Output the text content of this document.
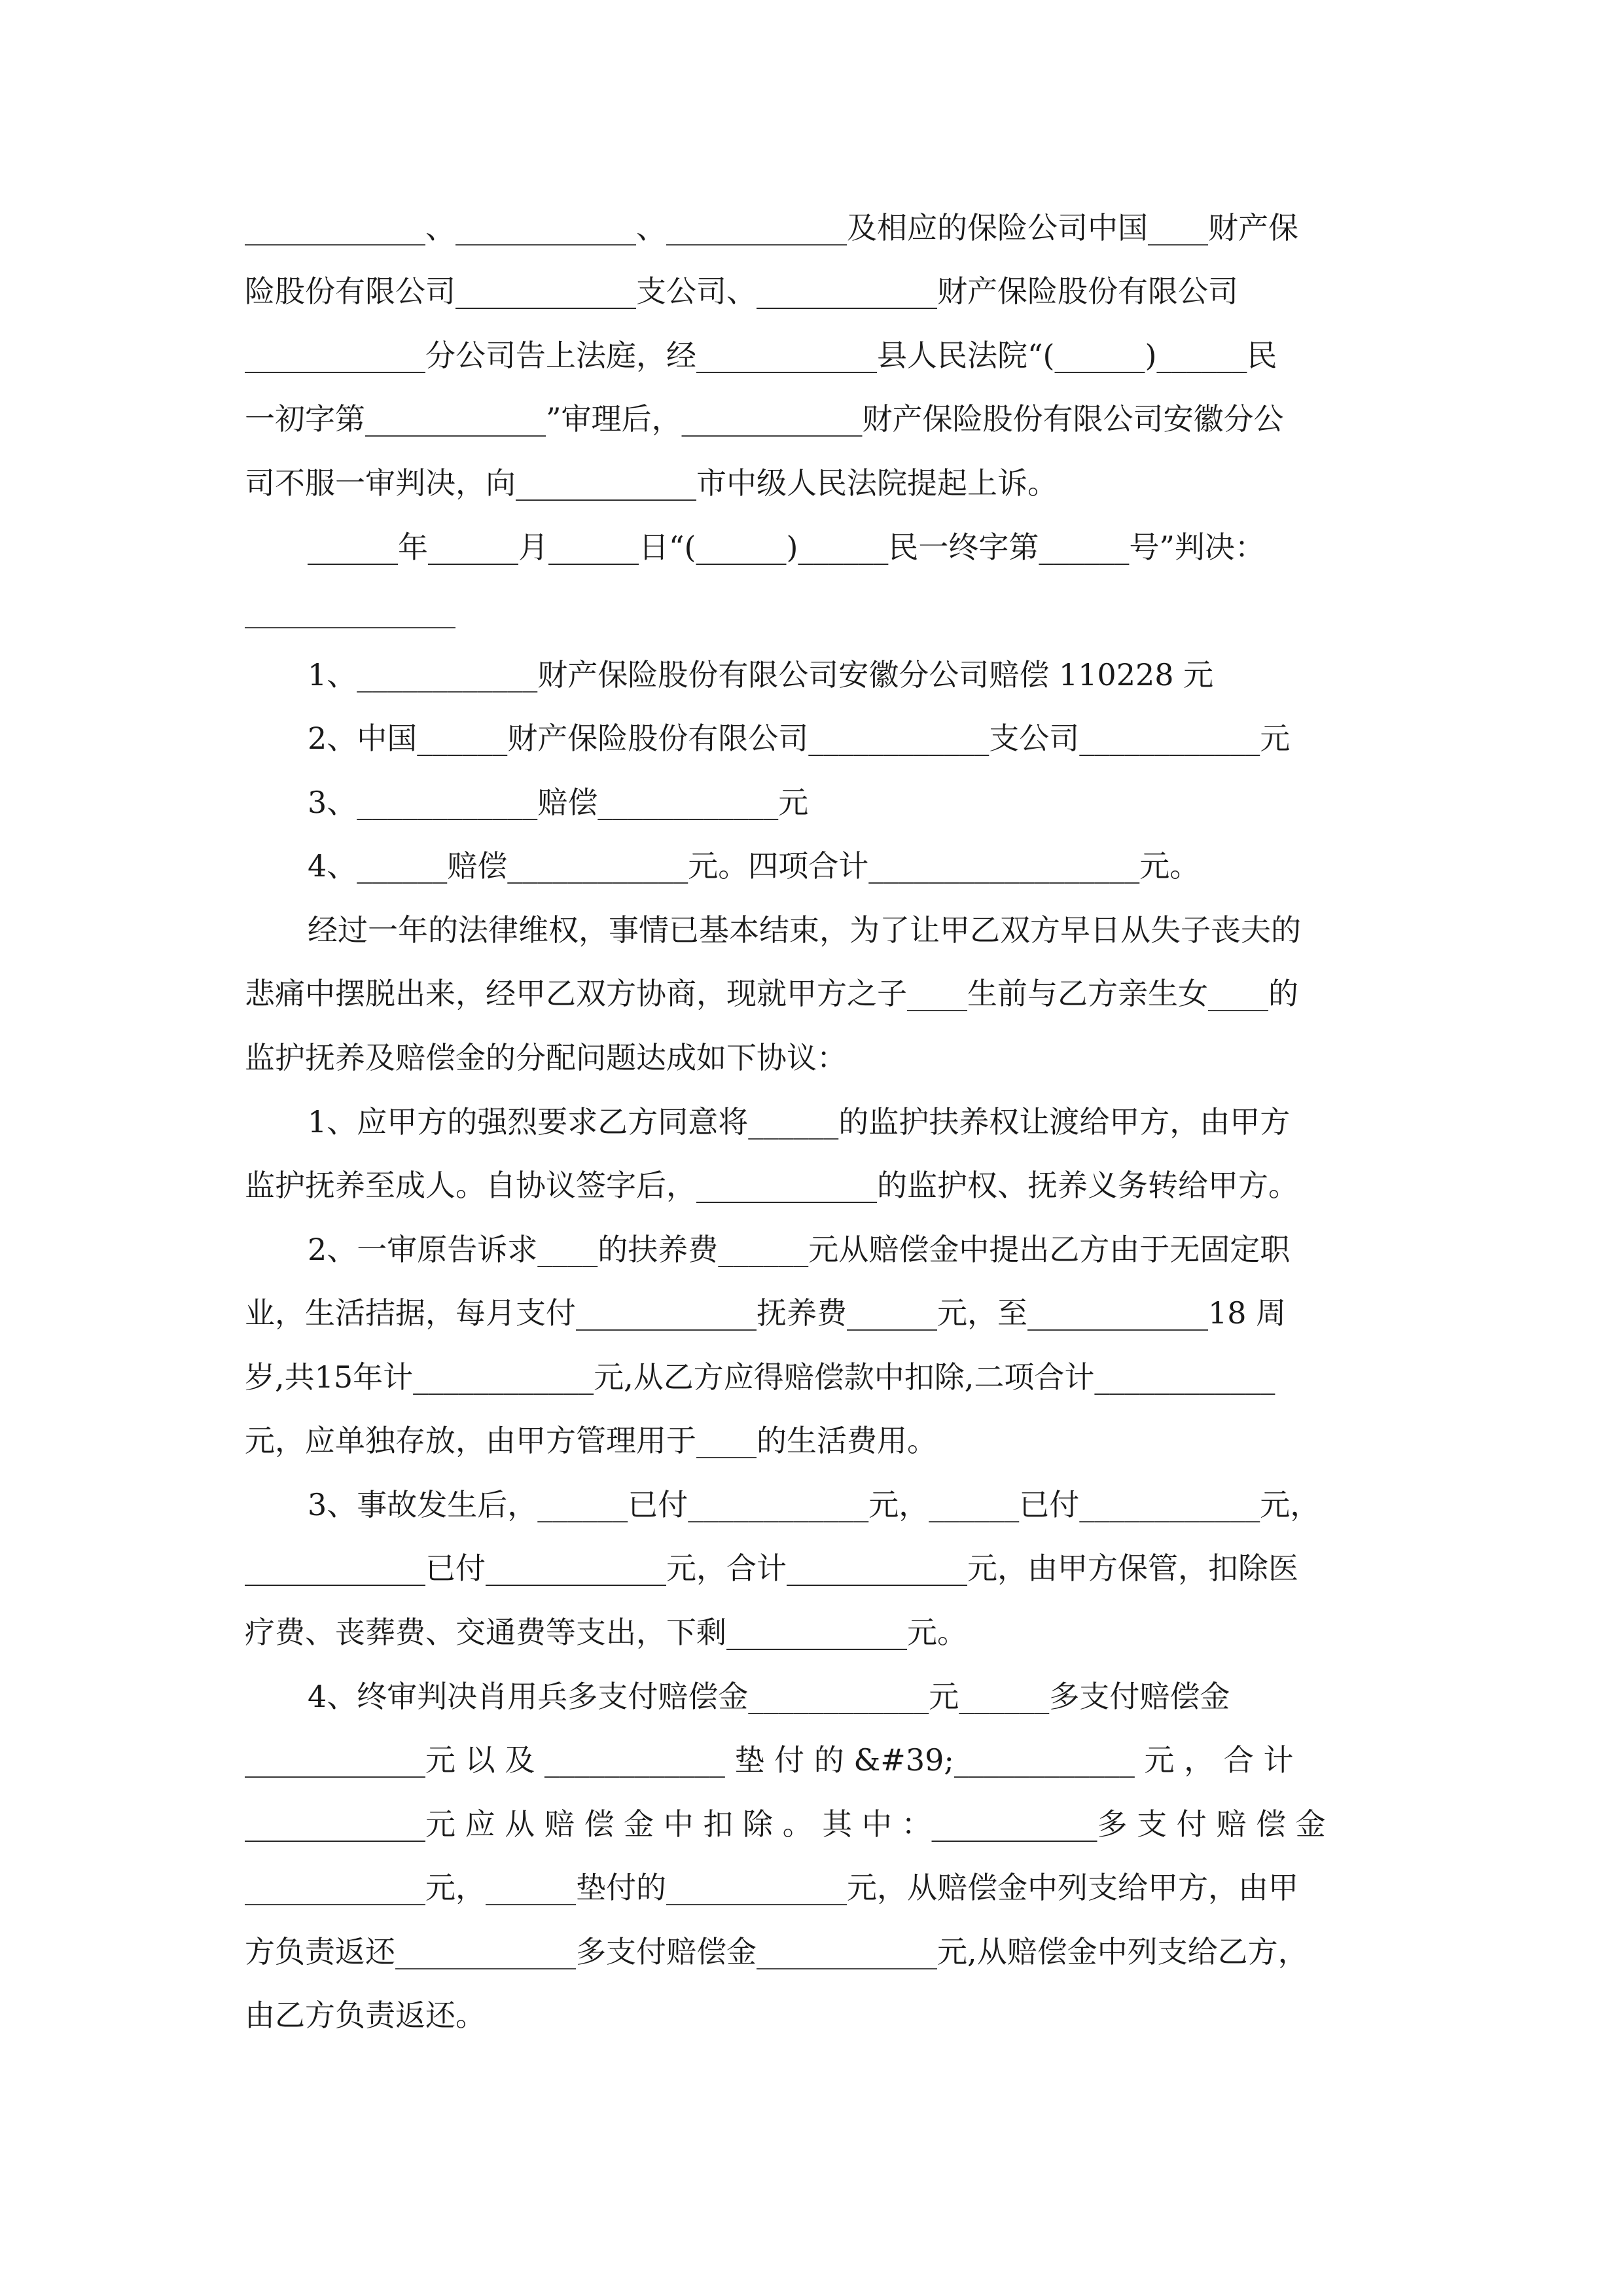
____________、____________、____________及相应的保险公司中国____财产保

险股份有限公司____________支公司、____________财产保险股份有限公司

____________分公司告上法庭，经____________县人民法院“(______)______民

一初字第____________”审理后，____________财产保险股份有限公司安徽分公

司不服一审判决，向____________市中级人民法院提起上诉。

______年______月______日“(______)______民一终字第______号”判决：

______________

1、____________财产保险股份有限公司安徽分公司赔偿 110228 元

2、中国______财产保险股份有限公司____________支公司____________元

3、____________赔偿____________元

4、______赔偿____________元。四项合计__________________元。

经过一年的法律维权，事情已基本结束，为了让甲乙双方早日从失子丧夫的

悲痛中摆脱出来，经甲乙双方协商，现就甲方之子____生前与乙方亲生女____的

监护抚养及赔偿金的分配问题达成如下协议：

1、应甲方的强烈要求乙方同意将______的监护扶养权让渡给甲方，由甲方

监护抚养至成人。自协议签字后，____________的监护权、抚养义务转给甲方。

2、一审原告诉求____的扶养费______元从赔偿金中提出乙方由于无固定职

业，生活拮据，每月支付____________抚养费______元，至____________18 周

岁,共15年计____________元,从乙方应得赔偿款中扣除,二项合计____________

元，应单独存放，由甲方管理用于____的生活费用。

3、事故发生后，______已付____________元，______已付____________元，

____________已付____________元，合计____________元，由甲方保管，扣除医

疗费、丧葬费、交通费等支出，下剩____________元。

4、终审判决肖用兵多支付赔偿金____________元______多支付赔偿金

____________元 以 及 ____________ 垫 付 的 &#39;____________ 元 ， 合 计

____________元 应 从 赔 偿 金 中 扣 除 。 其 中 ：___________多 支 付 赔 偿 金

____________元，______垫付的____________元，从赔偿金中列支给甲方，由甲

方负责返还____________多支付赔偿金____________元,从赔偿金中列支给乙方，

由乙方负责返还。
